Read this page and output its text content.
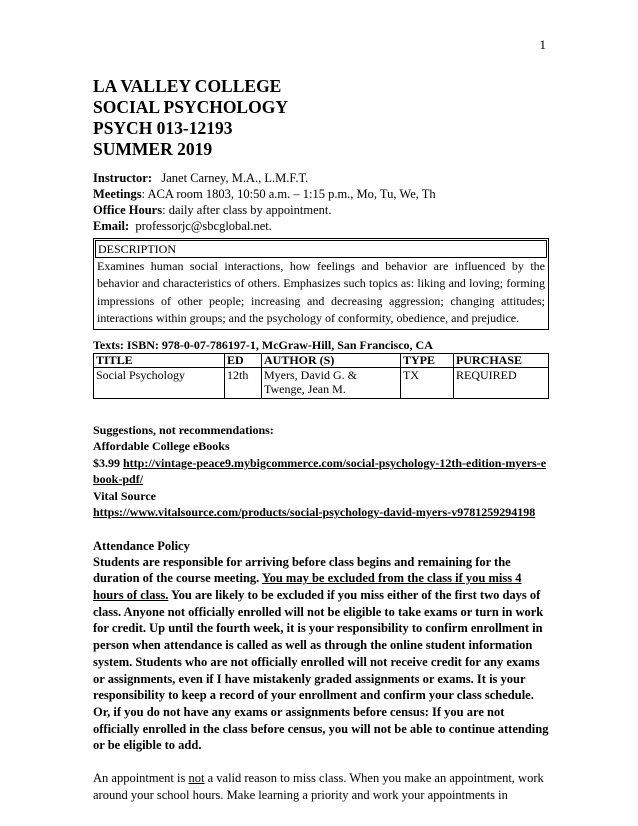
1
LA VALLEY COLLEGE
SOCIAL PSYCHOLOGY
PSYCH 013-12193
SUMMER 2019
Instructor: Janet Carney, M.A., L.M.F.T.
Meetings: ACA room 1803, 10:50 a.m. – 1:15 p.m., Mo, Tu, We, Th
Office Hours: daily after class by appointment.
Email: professorjc@sbcglobal.net.
DESCRIPTION
Examines human social interactions, how feelings and behavior are influenced by the behavior and characteristics of others. Emphasizes such topics as: liking and loving; forming impressions of other people; increasing and decreasing aggression; changing attitudes; interactions within groups; and the psychology of conformity, obedience, and prejudice.
Texts: ISBN: 978-0-07-786197-1, McGraw-Hill, San Francisco, CA
TITLE	ED	AUTHOR (S)	TYPE	PURCHASE
Social Psychology	12th	Myers, David G. & Twenge, Jean M.	TX	REQUIRED
Suggestions, not recommendations:
Affordable College eBooks
$3.99 http://vintage-peace9.mybigcommerce.com/social-psychology-12th-edition-myers-ebook-pdf/
Vital Source
https://www.vitalsource.com/products/social-psychology-david-myers-v9781259294198
Attendance Policy
Students are responsible for arriving before class begins and remaining for the duration of the course meeting. You may be excluded from the class if you miss 4 hours of class. You are likely to be excluded if you miss either of the first two days of class. Anyone not officially enrolled will not be eligible to take exams or turn in work for credit. Up until the fourth week, it is your responsibility to confirm enrollment in person when attendance is called as well as through the online student information system. Students who are not officially enrolled will not receive credit for any exams or assignments, even if I have mistakenly graded assignments or exams. It is your responsibility to keep a record of your enrollment and confirm your class schedule. Or, if you do not have any exams or assignments before census: If you are not officially enrolled in the class before census, you will not be able to continue attending or be eligible to add.
An appointment is not a valid reason to miss class. When you make an appointment, work around your school hours. Make learning a priority and work your appointments in
